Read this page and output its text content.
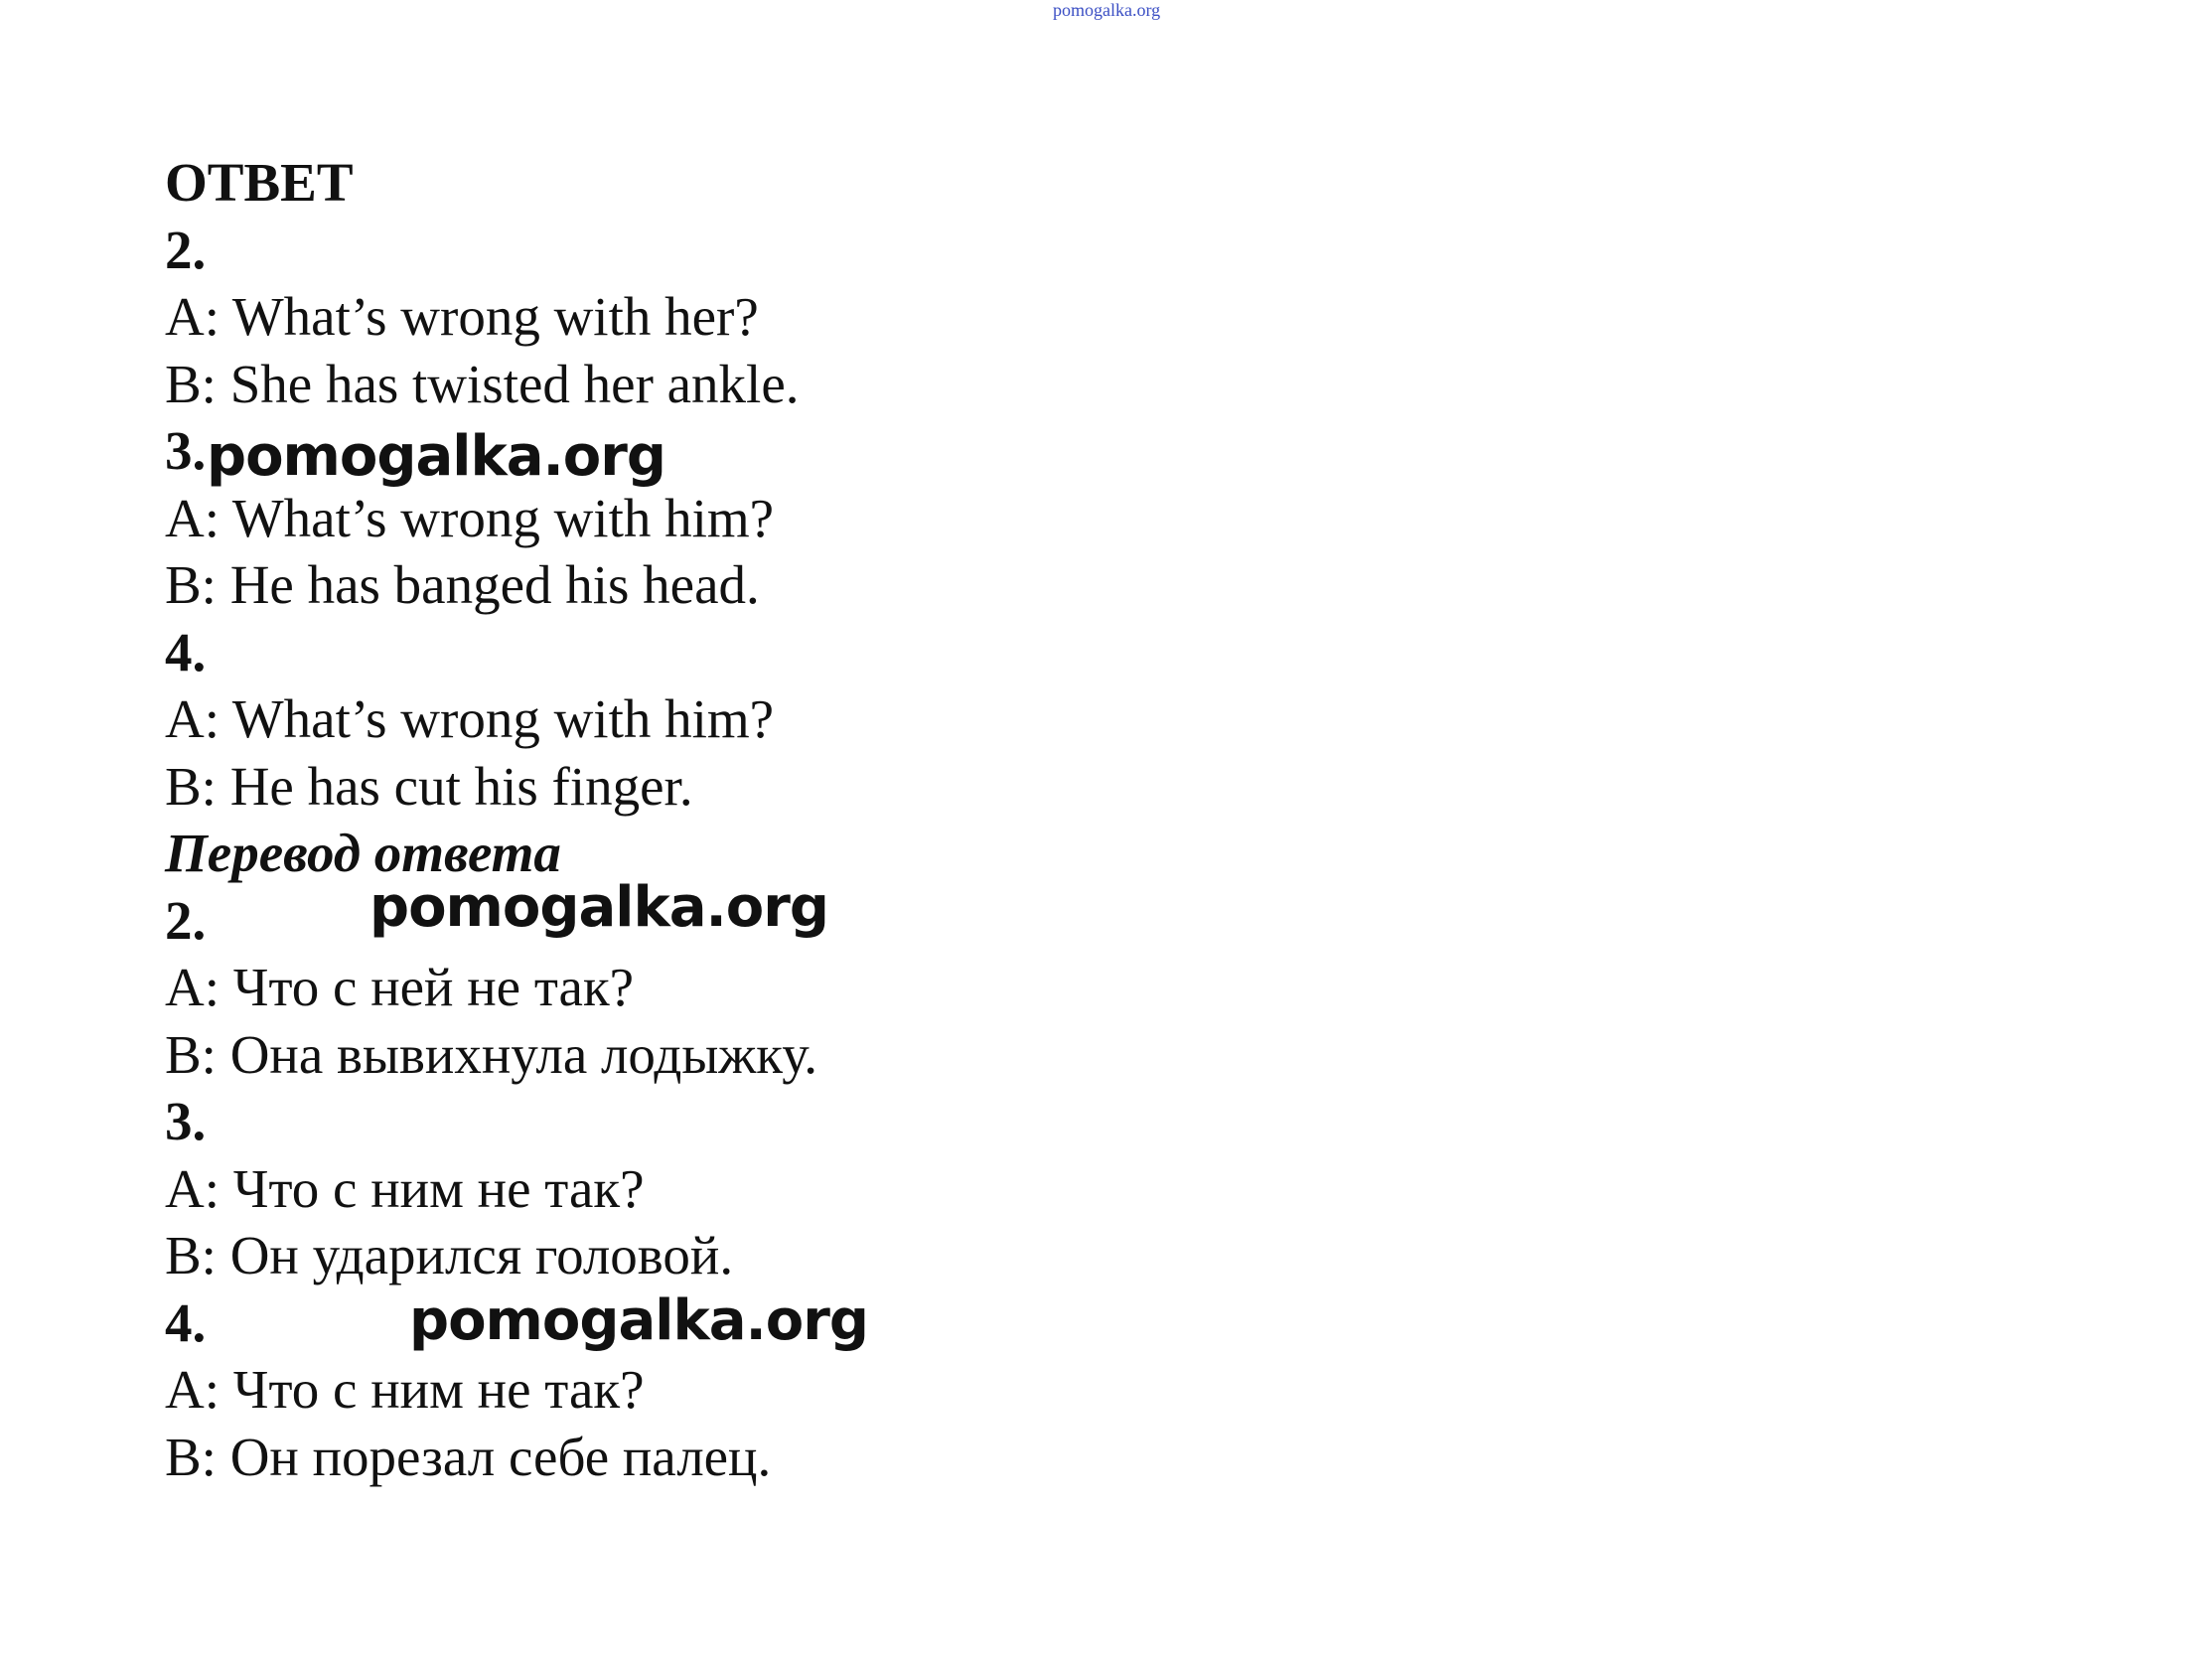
pomogalka.org
ОТВЕТ
2.
A: What’s wrong with her?
B: She has twisted her ankle.
3.
A: What’s wrong with him?
B: He has banged his head.
4.
A: What’s wrong with him?
B: He has cut his finger.
Перевод ответа
2.
A: Что с ней не так?
B: Она вывихнула лодыжку.
3.
A: Что с ним не так?
B: Он ударился головой.
4.
A: Что с ним не так?
B: Он порезал себе палец.
pomogalka.org
pomogalka.org
pomogalka.org
